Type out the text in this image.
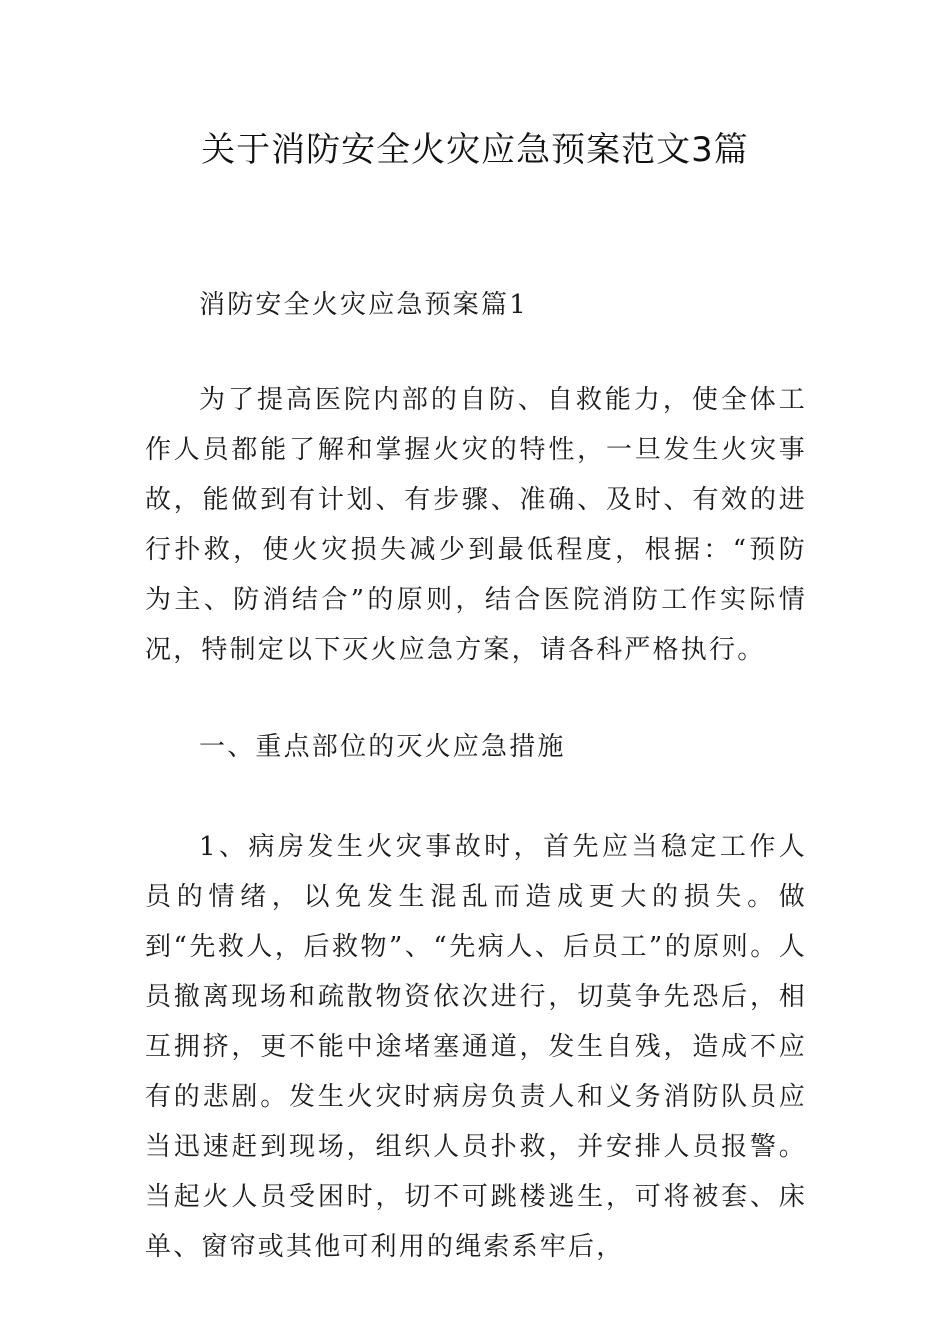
关于消防安全火灾应急预案范文3篇
消防安全火灾应急预案篇1
为了提高医院内部的自防、自救能力，使全体工作人员都能了解和掌握火灾的特性，一旦发生火灾事故，能做到有计划、有步骤、准确、及时、有效的进行扑救，使火灾损失减少到最低程度，根据：“预防为主、防消结合”的原则，结合医院消防工作实际情况，特制定以下灭火应急方案，请各科严格执行。
一、重点部位的灭火应急措施
1、病房发生火灾事故时，首先应当稳定工作人员的情绪，以免发生混乱而造成更大的损失。做到“先救人，后救物”、“先病人、后员工”的原则。人员撤离现场和疏散物资依次进行，切莫争先恐后，相互拥挤，更不能中途堵塞通道，发生自残，造成不应有的悲剧。发生火灾时病房负责人和义务消防队员应当迅速赶到现场，组织人员扑救，并安排人员报警。当起火人员受困时，切不可跳楼逃生，可将被套、床单、窗帘或其他可利用的绳索系牢后，
